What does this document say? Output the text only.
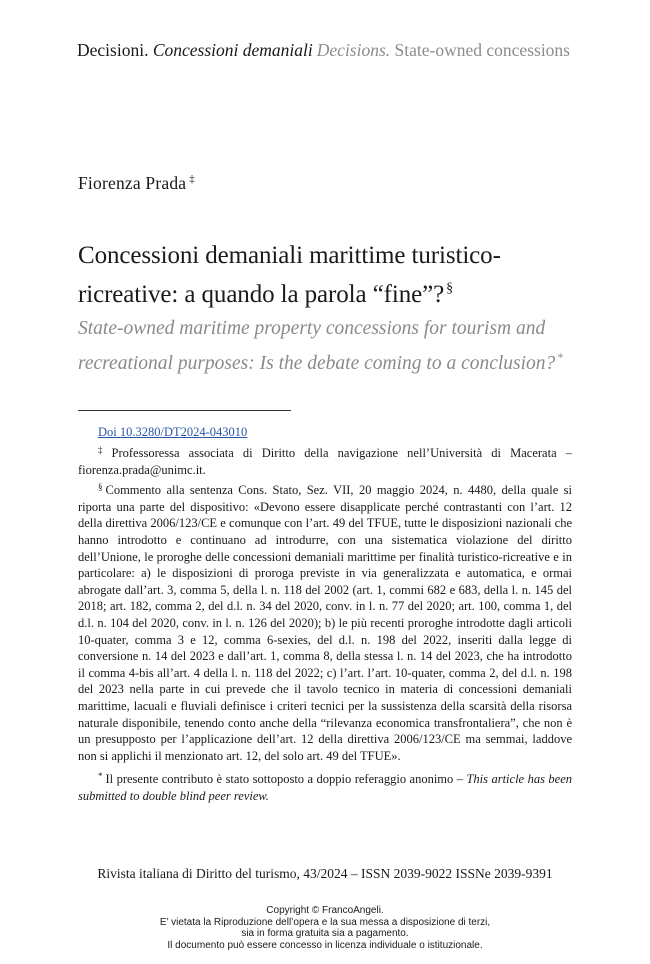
Decisioni. Concessioni demaniali Decisions. State-owned concessions
Fiorenza Prada ‡
Concessioni demaniali marittime turistico-ricreative: a quando la parola “fine”? §
State-owned maritime property concessions for tourism and recreational purposes: Is the debate coming to a conclusion? *
Doi 10.3280/DT2024-043010

‡ Professoressa associata di Diritto della navigazione nell’Università di Macerata – fiorenza.prada@unimc.it.

§ Commento alla sentenza Cons. Stato, Sez. VII, 20 maggio 2024, n. 4480, della quale si riporta una parte del dispositivo: «Devono essere disapplicate perché contrastanti con l’art. 12 della direttiva 2006/123/CE e comunque con l’art. 49 del TFUE, tutte le disposizioni nazionali che hanno introdotto e continuano ad introdurre, con una sistematica violazione del diritto dell’Unione, le proroghe delle concessioni demaniali marittime per finalità turistico-ricreative e in particolare: a) le disposizioni di proroga previste in via generalizzata e automatica, e ormai abrogate dall’art. 3, comma 5, della l. n. 118 del 2002 (art. 1, commi 682 e 683, della l. n. 145 del 2018; art. 182, comma 2, del d.l. n. 34 del 2020, conv. in l. n. 77 del 2020; art. 100, comma 1, del d.l. n. 104 del 2020, conv. in l. n. 126 del 2020); b) le più recenti proroghe introdotte dagli articoli 10-quater, comma 3 e 12, comma 6-sexies, del d.l. n. 198 del 2022, inseriti dalla legge di conversione n. 14 del 2023 e dall’art. 1, comma 8, della stessa l. n. 14 del 2023, che ha introdotto il comma 4-bis all’art. 4 della l. n. 118 del 2022; c) l’art. l’art. 10-quater, comma 2, del d.l. n. 198 del 2023 nella parte in cui prevede che il tavolo tecnico in materia di concessioni demaniali marittime, lacuali e fluviali definisce i criteri tecnici per la sussistenza della scarsità della risorsa naturale disponibile, tenendo conto anche della “rilevanza economica transfrontaliera”, che non è un presupposto per l’applicazione dell’art. 12 della direttiva 2006/123/CE ma semmai, laddove non si applichi il menzionato art. 12, del solo art. 49 del TFUE».

* Il presente contributo è stato sottoposto a doppio referaggio anonimo – This article has been submitted to double blind peer review.

Rivista italiana di Diritto del turismo, 43/2024 – ISSN 2039-9022 ISSNe 2039-9391
Copyright © FrancoAngeli.
E’ vietata la Riproduzione dell’opera e la sua messa a disposizione di terzi,
sia in forma gratuita sia a pagamento.
Il documento può essere concesso in licenza individuale o istituzionale.
